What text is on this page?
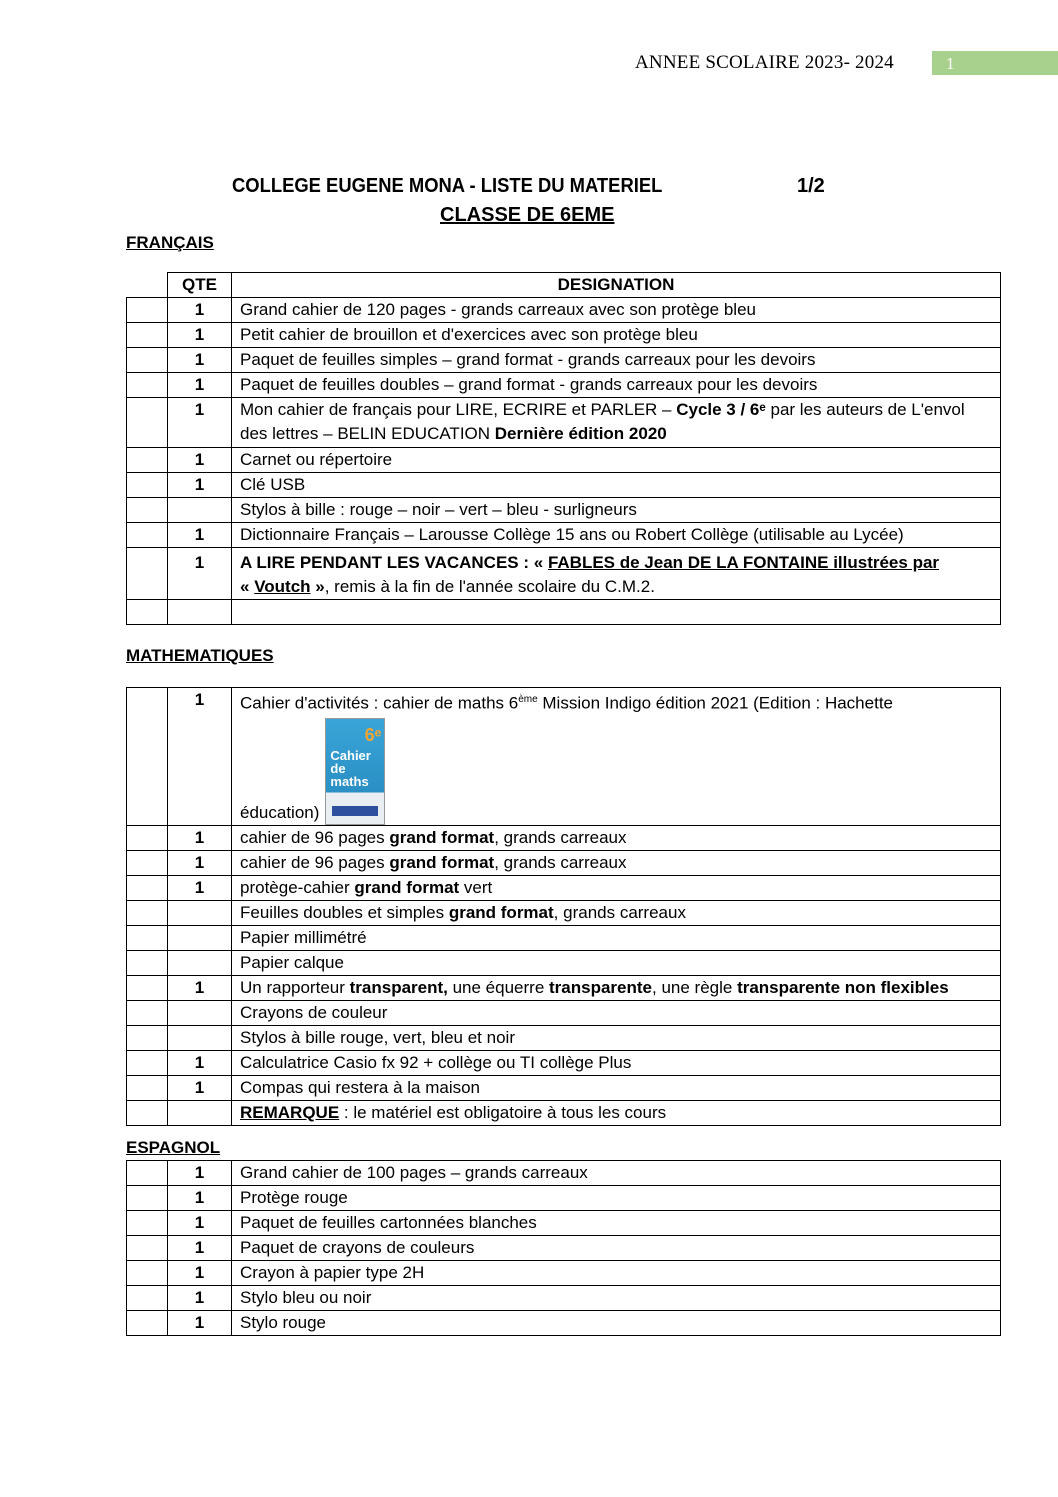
ANNEE SCOLAIRE 2023- 2024	1
COLLEGE EUGENE MONA - LISTE DU MATERIEL	1/2
CLASSE DE 6EME
FRANÇAIS
	QTE	DESIGNATION
	1	Grand cahier de 120 pages - grands carreaux avec son protège bleu
	1	Petit cahier de brouillon et d'exercices avec son protège bleu
	1	Paquet de feuilles simples – grand format - grands carreaux pour les devoirs
	1	Paquet de feuilles doubles – grand format - grands carreaux pour les devoirs
	1	Mon cahier de français pour LIRE, ECRIRE et PARLER – Cycle 3 / 6ᵉ par les auteurs de L'envol des lettres – BELIN EDUCATION Dernière édition 2020
	1	Carnet ou répertoire
	1	Clé USB
		Stylos à bille : rouge – noir – vert – bleu - surligneurs
	1	Dictionnaire Français – Larousse Collège 15 ans ou Robert Collège (utilisable au Lycée)
	1	A LIRE PENDANT LES VACANCES : « FABLES de Jean DE LA FONTAINE illustrées par
« Voutch », remis à la fin de l'année scolaire du C.M.2.

MATHEMATIQUES
	1	Cahier d'activités : cahier de maths 6ème Mission Indigo édition 2021 (Edition : Hachette

éducation)
6ᵉ
Cahier de maths

	1	cahier de 96 pages grand format, grands carreaux
	1	cahier de 96 pages grand format, grands carreaux
	1	protège-cahier grand format vert
		Feuilles doubles et simples grand format, grands carreaux
		Papier millimétré
		Papier calque
	1	Un rapporteur transparent, une équerre transparente, une règle transparente non flexibles
		Crayons de couleur
		Stylos à bille rouge, vert, bleu et noir
	1	Calculatrice Casio fx 92 + collège ou TI collège Plus
	1	Compas qui restera à la maison
		REMARQUE : le matériel est obligatoire à tous les cours
ESPAGNOL
	1	Grand cahier de 100 pages – grands carreaux
	1	Protège rouge
	1	Paquet de feuilles cartonnées blanches
	1	Paquet de crayons de couleurs
	1	Crayon à papier type 2H
	1	Stylo bleu ou noir
	1	Stylo rouge
